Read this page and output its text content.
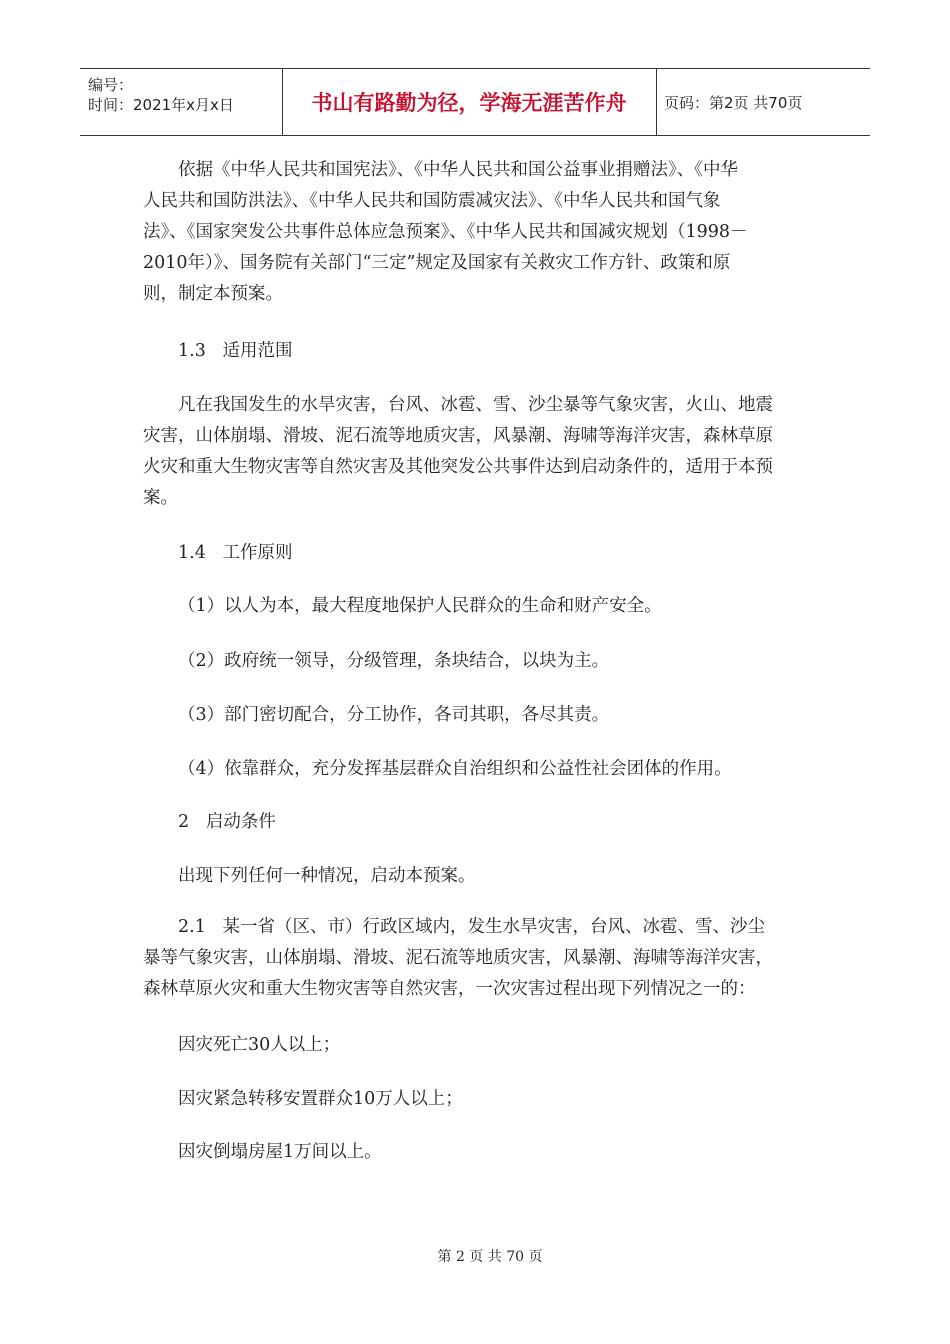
编号：
时间：2021年x月x日	书山有路勤为径，学海无涯苦作舟	页码：第2页 共70页

依据《中华人民共和国宪法》、《中华人民共和国公益事业捐赠法》、《中华

人民共和国防洪法》、《中华人民共和国防震减灾法》、《中华人民共和国气象

法》、《国家突发公共事件总体应急预案》、《中华人民共和国减灾规划（1998－

2010年）》、国务院有关部门“三定”规定及国家有关救灾工作方针、政策和原

则，制定本预案。

1.3   适用范围

凡在我国发生的水旱灾害，台风、冰雹、雪、沙尘暴等气象灾害，火山、地震

灾害，山体崩塌、滑坡、泥石流等地质灾害，风暴潮、海啸等海洋灾害，森林草原

火灾和重大生物灾害等自然灾害及其他突发公共事件达到启动条件的，适用于本预

案。

1.4   工作原则

（1）以人为本，最大程度地保护人民群众的生命和财产安全。

（2）政府统一领导，分级管理，条块结合，以块为主。

（3）部门密切配合，分工协作，各司其职，各尽其责。

（4）依靠群众，充分发挥基层群众自治组织和公益性社会团体的作用。

2   启动条件

出现下列任何一种情况，启动本预案。

2.1   某一省（区、市）行政区域内，发生水旱灾害，台风、冰雹、雪、沙尘

暴等气象灾害，山体崩塌、滑坡、泥石流等地质灾害，风暴潮、海啸等海洋灾害，

森林草原火灾和重大生物灾害等自然灾害，一次灾害过程出现下列情况之一的：

因灾死亡30人以上；

因灾紧急转移安置群众10万人以上；

因灾倒塌房屋1万间以上。

第 2 页 共 70 页
